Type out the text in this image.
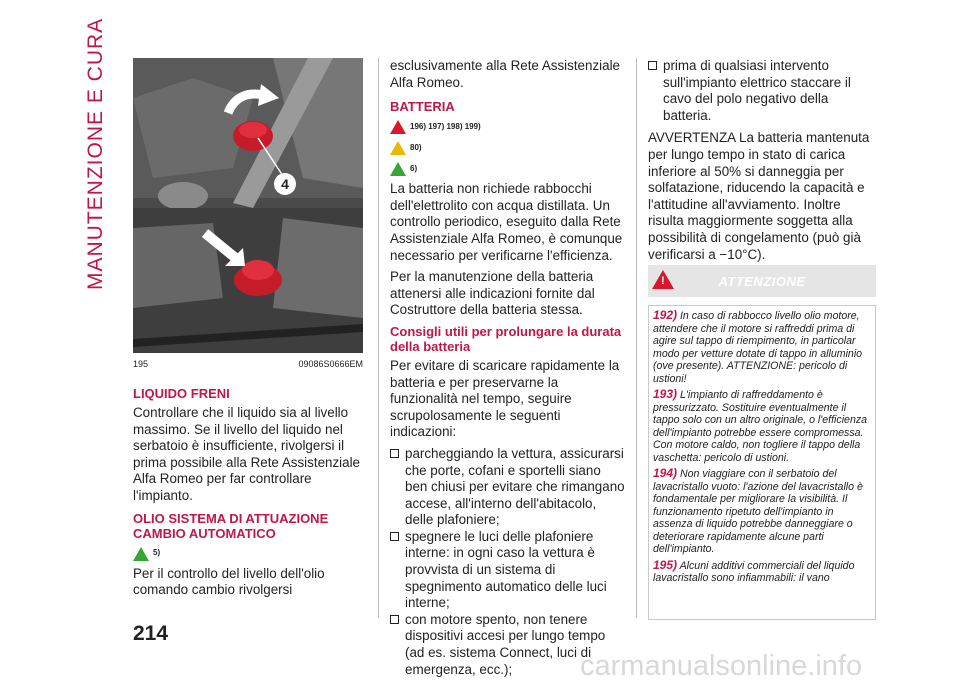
MANUTENZIONE E CURA	4
195	09086S0666EM
LIQUIDO FRENI

Controllare che il liquido sia al livello massimo. Se il livello del liquido nel serbatoio è insufficiente, rivolgersi il prima possibile alla Rete Assistenziale Alfa Romeo per far controllare l'impianto.

OLIO SISTEMA DI ATTUAZIONE CAMBIO AUTOMATICO
5)

Per il controllo del livello dell'olio comando cambio rivolgersi

esclusivamente alla Rete Assistenziale Alfa Romeo.

BATTERIA
196) 197) 198) 199)
80)
6)

La batteria non richiede rabbocchi dell'elettrolito con acqua distillata. Un controllo periodico, eseguito dalla Rete Assistenziale Alfa Romeo, è comunque necessario per verificarne l'efficienza.

Per la manutenzione della batteria attenersi alle indicazioni fornite dal Costruttore della batteria stessa.

Consigli utili per prolungare la durata della batteria

Per evitare di scaricare rapidamente la batteria e per preservarne la funzionalità nel tempo, seguire scrupolosamente le seguenti indicazioni:

parcheggiando la vettura, assicurarsi che porte, cofani e sportelli siano ben chiusi per evitare che rimangano accese, all'interno dell'abitacolo, delle plafoniere;
spegnere le luci delle plafoniere interne: in ogni caso la vettura è provvista di un sistema di spegnimento automatico delle luci interne;
con motore spento, non tenere dispositivi accesi per lungo tempo (ad es. sistema Connect, luci di emergenza, ecc.);
prima di qualsiasi intervento sull'impianto elettrico staccare il cavo del polo negativo della batteria.

AVVERTENZA La batteria mantenuta per lungo tempo in stato di carica inferiore al 50% si danneggia per solfatazione, riducendo la capacità e l'attitudine all'avviamento. Inoltre risulta maggiormente soggetta alla possibilità di congelamento (può già verificarsi a −10°C).

ATTENZIONE
!

192) In caso di rabbocco livello olio motore, attendere che il motore si raffreddi prima di agire sul tappo di riempimento, in particolar modo per vetture dotate di tappo in alluminio (ove presente). ATTENZIONE: pericolo di ustioni!

193) L'impianto di raffreddamento è pressurizzato. Sostituire eventualmente il tappo solo con un altro originale, o l'efficienza dell'impianto potrebbe essere compromessa. Con motore caldo, non togliere il tappo della vaschetta: pericolo di ustioni.

194) Non viaggiare con il serbatoio del lavacristallo vuoto: l'azione del lavacristallo è fondamentale per migliorare la visibilità. Il funzionamento ripetuto dell'impianto in assenza di liquido potrebbe danneggiare o deteriorare rapidamente alcune parti dell'impianto.

195) Alcuni additivi commerciali del liquido lavacristallo sono infiammabili: il vano

214
carmanualsonline.info
